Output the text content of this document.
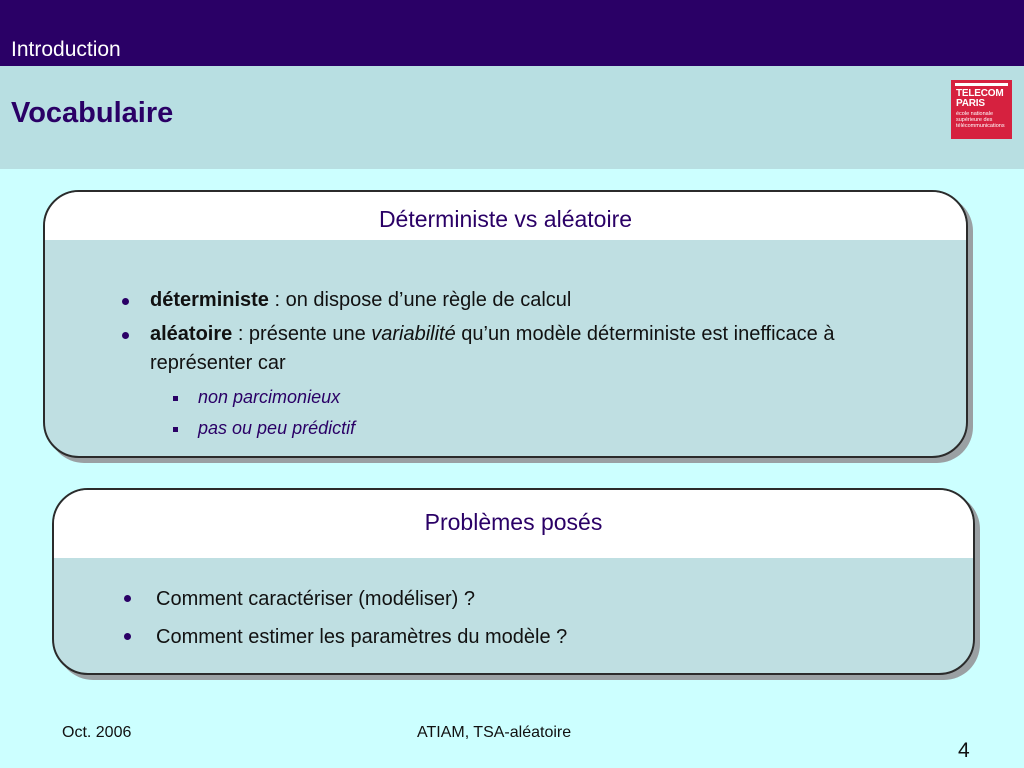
Introduction
Vocabulaire
TELECOM
PARIS
école nationale
supérieure des
télécommunications
Déterministe vs aléatoire
déterministe : on dispose d’une règle de calcul
aléatoire : présente une variabilité qu’un modèle déterministe est inefficace à représenter car
non parcimonieux
pas ou peu prédictif
Problèmes posés
Comment caractériser (modéliser) ?
Comment estimer les paramètres du modèle ?
Oct. 2006	ATIAM, TSA-aléatoire
4
